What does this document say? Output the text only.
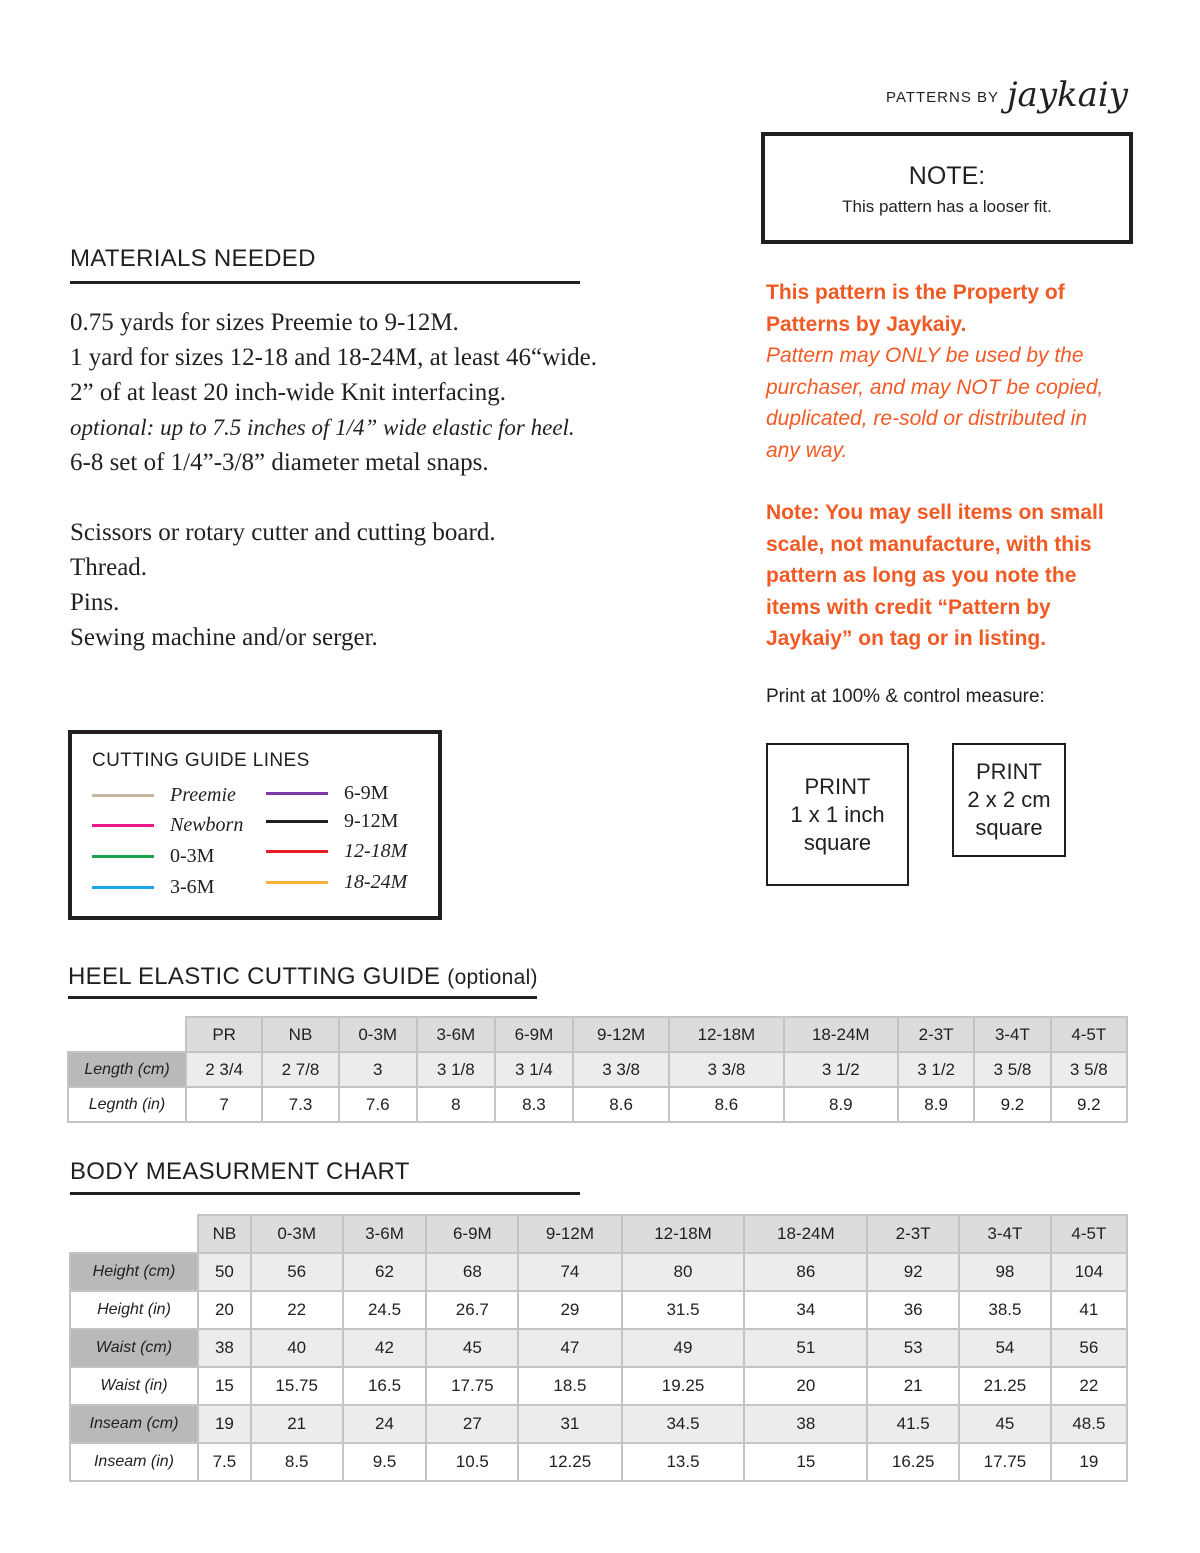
PATTERNS BY jaykaiy
NOTE:
This pattern has a looser fit.
MATERIALS NEEDED
0.75 yards for sizes Preemie to 9-12M.
1 yard for sizes 12-18 and 18-24M, at least 46“wide.
2” of at least 20 inch-wide Knit interfacing.
optional: up to 7.5 inches of 1/4” wide elastic for heel.
6-8 set of 1/4”-3/8” diameter metal snaps.
Scissors or rotary cutter and cutting board.
Thread.
Pins.
Sewing machine and/or serger.
This pattern is the Property of
Patterns by Jaykaiy.
Pattern may ONLY be used by the
purchaser, and may NOT be copied,
duplicated, re-sold or distributed in
any way.
Note: You may sell items on small
scale, not manufacture, with this
pattern as long as you note the
items with credit “Pattern by
Jaykaiy” on tag or in listing.
Print at 100% & control measure:
PRINT
1 x 1 inch
square
PRINT
2 x 2 cm
square
CUTTING GUIDE LINES
Preemie
Newborn
0-3M
3-6M
6-9M
9-12M
12-18M
18-24M
HEEL ELASTIC CUTTING GUIDE (optional)
	PR	NB	0-3M	3-6M	6-9M	9-12M	12-18M	18-24M	2-3T	3-4T	4-5T
Length (cm)	2 3/4	2 7/8	3	3 1/8	3 1/4	3 3/8	3 3/8	3 1/2	3 1/2	3 5/8	3 5/8
Legnth (in)	7	7.3	7.6	8	8.3	8.6	8.6	8.9	8.9	9.2	9.2
BODY MEASURMENT CHART
	NB	0-3M	3-6M	6-9M	9-12M	12-18M	18-24M	2-3T	3-4T	4-5T
Height (cm)	50	56	62	68	74	80	86	92	98	104
Height (in)	20	22	24.5	26.7	29	31.5	34	36	38.5	41
Waist (cm)	38	40	42	45	47	49	51	53	54	56
Waist (in)	15	15.75	16.5	17.75	18.5	19.25	20	21	21.25	22
Inseam (cm)	19	21	24	27	31	34.5	38	41.5	45	48.5
Inseam (in)	7.5	8.5	9.5	10.5	12.25	13.5	15	16.25	17.75	19
